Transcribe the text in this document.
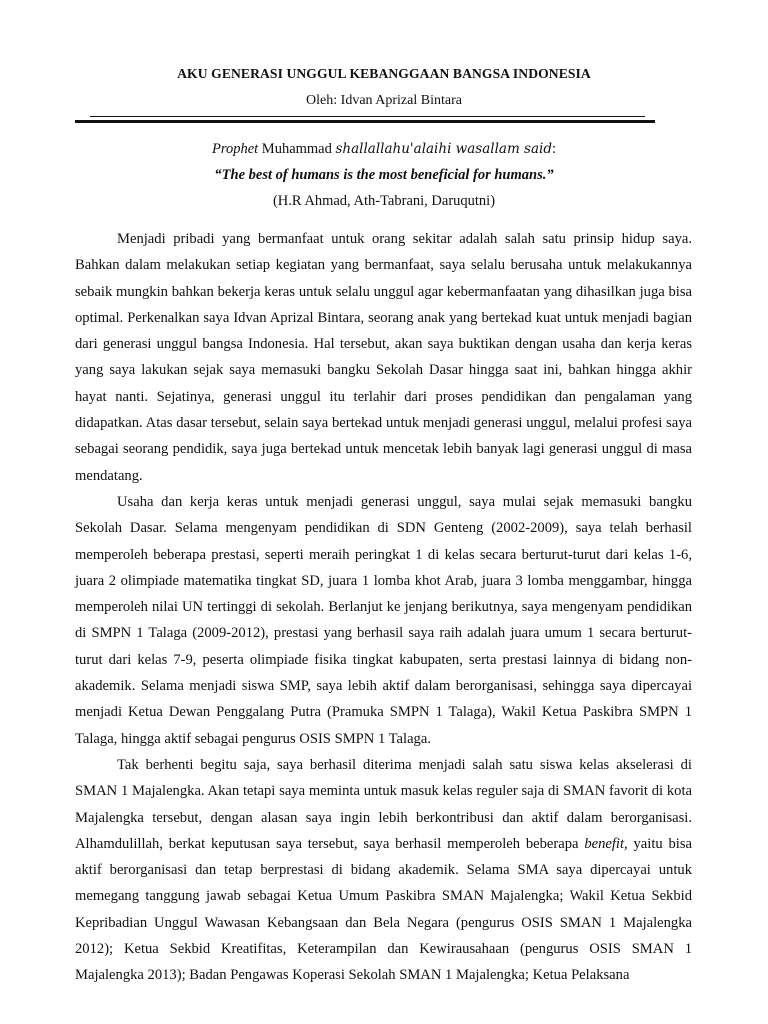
AKU GENERASI UNGGUL KEBANGGAAN BANGSA INDONESIA

Oleh: Idvan Aprizal Bintara

Prophet Muhammad shallallahu'alaihi wasallam said:

“The best of humans is the most beneficial for humans.”

(H.R Ahmad, Ath-Tabrani, Daruqutni)

Menjadi pribadi yang bermanfaat untuk orang sekitar adalah salah satu prinsip hidup saya. Bahkan dalam melakukan setiap kegiatan yang bermanfaat, saya selalu berusaha untuk melakukannya sebaik mungkin bahkan bekerja keras untuk selalu unggul agar kebermanfaatan yang dihasilkan juga bisa optimal. Perkenalkan saya Idvan Aprizal Bintara, seorang anak yang bertekad kuat untuk menjadi bagian dari generasi unggul bangsa Indonesia. Hal tersebut, akan saya buktikan dengan usaha dan kerja keras yang saya lakukan sejak saya memasuki bangku Sekolah Dasar hingga saat ini, bahkan hingga akhir hayat nanti. Sejatinya, generasi unggul itu terlahir dari proses pendidikan dan pengalaman yang didapatkan. Atas dasar tersebut, selain saya bertekad untuk menjadi generasi unggul, melalui profesi saya sebagai seorang pendidik, saya juga bertekad untuk mencetak lebih banyak lagi generasi unggul di masa mendatang.

Usaha dan kerja keras untuk menjadi generasi unggul, saya mulai sejak memasuki bangku Sekolah Dasar. Selama mengenyam pendidikan di SDN Genteng (2002-2009), saya telah berhasil memperoleh beberapa prestasi, seperti meraih peringkat 1 di kelas secara berturut-turut dari kelas 1-6, juara 2 olimpiade matematika tingkat SD, juara 1 lomba khot Arab, juara 3 lomba menggambar, hingga memperoleh nilai UN tertinggi di sekolah. Berlanjut ke jenjang berikutnya, saya mengenyam pendidikan di SMPN 1 Talaga (2009-2012), prestasi yang berhasil saya raih adalah juara umum 1 secara berturut-turut dari kelas 7-9, peserta olimpiade fisika tingkat kabupaten, serta prestasi lainnya di bidang non-akademik. Selama menjadi siswa SMP, saya lebih aktif dalam berorganisasi, sehingga saya dipercayai menjadi Ketua Dewan Penggalang Putra (Pramuka SMPN 1 Talaga), Wakil Ketua Paskibra SMPN 1 Talaga, hingga aktif sebagai pengurus OSIS SMPN 1 Talaga.

Tak berhenti begitu saja, saya berhasil diterima menjadi salah satu siswa kelas akselerasi di SMAN 1 Majalengka. Akan tetapi saya meminta untuk masuk kelas reguler saja di SMAN favorit di kota Majalengka tersebut, dengan alasan saya ingin lebih berkontribusi dan aktif dalam berorganisasi. Alhamdulillah, berkat keputusan saya tersebut, saya berhasil memperoleh beberapa benefit, yaitu bisa aktif berorganisasi dan tetap berprestasi di bidang akademik. Selama SMA saya dipercayai untuk memegang tanggung jawab sebagai Ketua Umum Paskibra SMAN Majalengka; Wakil Ketua Sekbid Kepribadian Unggul Wawasan Kebangsaan dan Bela Negara (pengurus OSIS SMAN 1 Majalengka 2012); Ketua Sekbid Kreatifitas, Keterampilan dan Kewirausahaan (pengurus OSIS SMAN 1 Majalengka 2013); Badan Pengawas Koperasi Sekolah SMAN 1 Majalengka; Ketua Pelaksana
